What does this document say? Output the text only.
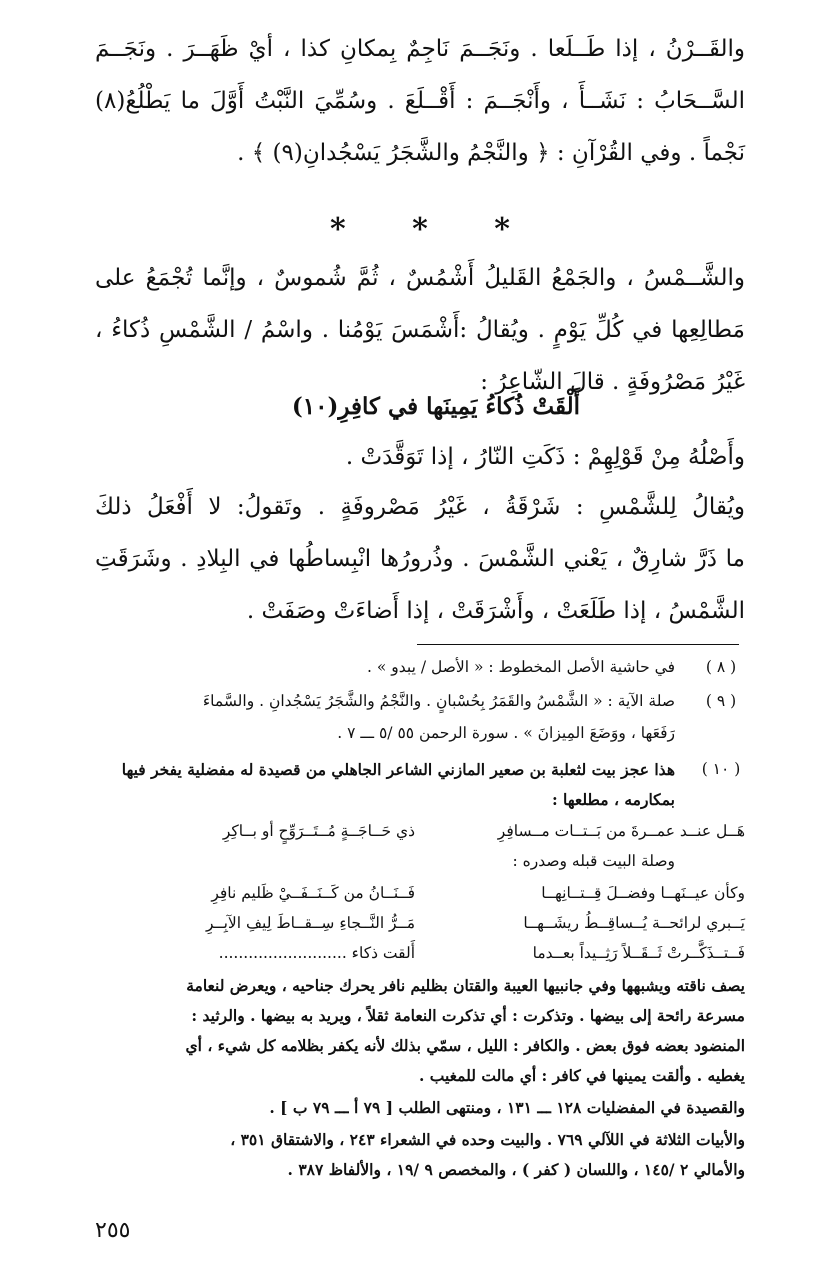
والقَــرْنُ ، إذا طَــلَعا . ونَجَــمَ نَاجِمٌ بِمكانِ كذا ، أيْ ظَهَــرَ . ونَجَــمَ
السَّــحَابُ : نَشَــأَ ، وأَنْجَــمَ : أَقْــلَعَ . وسُمِّيَ النَّبْتُ أَوَّلَ ما يَطْلُعُ(٨)
نَجْماً . وفي القُرْآنِ : ﴿ والنَّجْمُ والشَّجَرُ يَسْجُدانِ(٩) ﴾ .
* * *
والشَّــمْسُ ، والجَمْعُ القَليلُ أَشْمُسٌ ، ثُمَّ شُموسٌ ، وإنَّما تُجْمَعُ على
مَطالِعِها في كُلِّ يَوْمٍ . ويُقالُ :أَشْمَسَ يَوْمُنا . واسْمُ / الشَّمْسِ ذُكاءُ ،
غَيْرُ مَصْرُوفَةٍ . قالَ الشّاعِرُ :
أَلْقَتْ ذُكاءُ يَمِينَها في كافِرِ(١٠)
وأَصْلُهُ مِنْ قَوْلِهِمْ : ذَكَتِ النّارُ ، إذا تَوَقَّدَتْ .
ويُقالُ لِلشَّمْسِ : شَرْقَةُ ، غَيْرُ مَصْروفَةٍ . وتَقولُ: لا أَفْعَلُ ذلكَ
ما ذَرَّ شارِقٌ ، يَعْني الشَّمْسَ . وذُرورُها انْبِساطُها في البِلادِ . وشَرَقَتِ
الشَّمْسُ ، إذا طَلَعَتْ ، وأَشْرَقَتْ ، إذا أَضاءَتْ وصَفَتْ .
( ٨ )
في حاشية الأصل المخطوط : « الأصل / يبدو » .
( ٩ )
صلة الآية : « الشَّمْسُ والقَمَرُ بِحُسْبانٍ . والنَّجْمُ والشَّجَرُ يَسْجُدانِ . والسَّماءَ
رَفَعَها ، ووَضَعَ المِيزانَ » . سورة الرحمن ٥٥ /٥ ـــ ٧ .
( ١٠ )
هذا عجز بيت لثعلبة بن صعير المازني الشاعر الجاهلي من قصيدة له مفضلية يفخر فيها
بمكارمه ، مطلعها :
هَــل عنــد عمــرةَ من بَــتــات مــسافِرِ
ذي حَــاجَــةٍ مُــتَــرَوِّحٍ أو بــاكِرِ
وصلة البيت قبله وصدره :
وكأن عيــنَهــا وفضــلَ قِــتــانِهــا
فَــنَــانُ من كَــنَــفَــيْ ظَليم نافِرِ
يَــبري لرائحــة يُــساقِــطُ ريشَــهــا
مَــرُّ النَّــجاءِ سِــقــاطَ لِيفِ الآبِــرِ
فَــتــذَكَّــرتْ ثَــقَــلاً رَثِــيداً بعــدما
أَلقت ذكاء ..........................
يصف ناقته ويشبهها وفي جانبيها العيبة والقتان بظليم نافر يحرك جناحيه ، ويعرض لنعامة
مسرعة رائحة إلى بيضها . وتذكرت : أي تذكرت النعامة ثقلاً ، ويريد به بيضها . والرثيد :
المنضود بعضه فوق بعض . والكافر : الليل ، سمّي بذلك لأنه يكفر بظلامه كل شيء ، أي
يغطيه . وألقت يمينها في كافر : أي مالت للمغيب .
والقصيدة في المفضليات ١٢٨ ـــ ١٣١ ، ومنتهى الطلب [ ٧٩ أ ـــ ٧٩ ب ] .
والأبيات الثلاثة في اللآلي ٧٦٩ . والبيت وحده في الشعراء ٢٤٣ ، والاشتقاق ٣٥١ ،
والأمالي ٢ /١٤٥ ، واللسان ( كفر ) ، والمخصص ٩ /١٩ ، والألفاظ ٣٨٧ .
٢٥٥
